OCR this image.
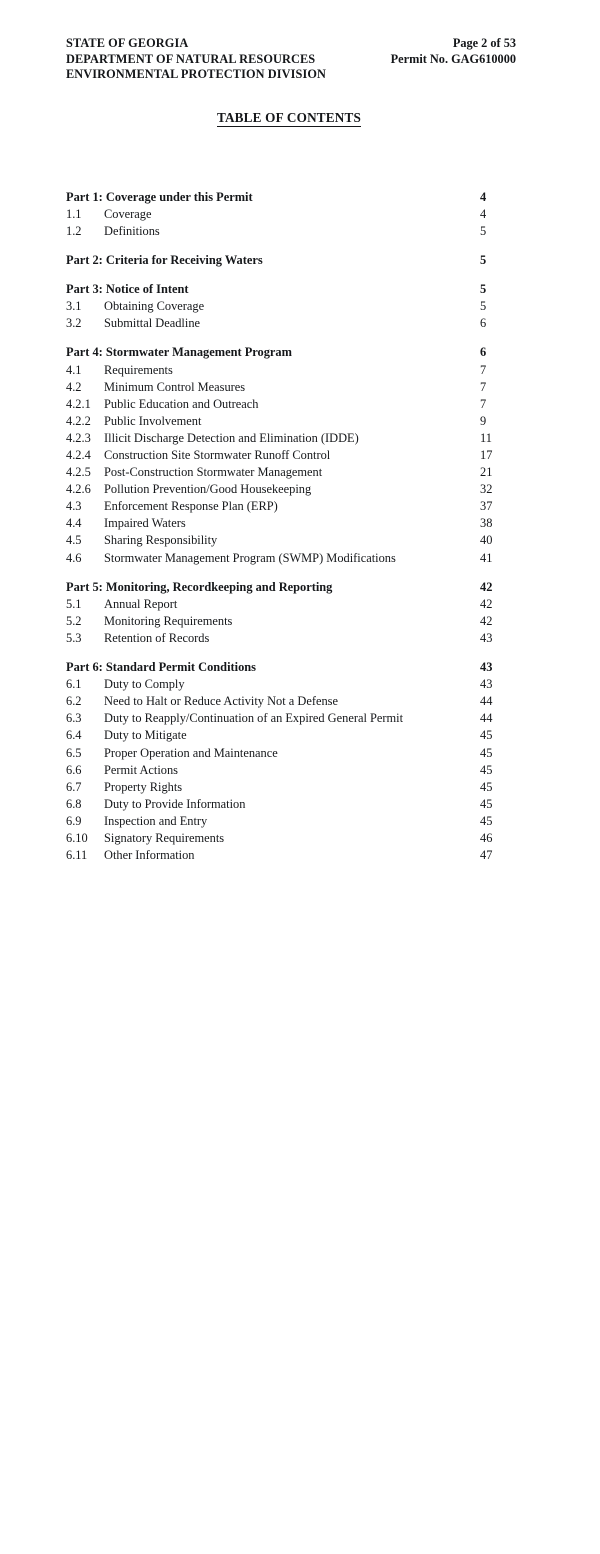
STATE OF GEORGIA
DEPARTMENT OF NATURAL RESOURCES
ENVIRONMENTAL PROTECTION DIVISION
Page 2 of 53
Permit No. GAG610000
TABLE OF CONTENTS
Part 1: Coverage under this Permit	4
1.1	Coverage	4
1.2	Definitions	5
Part 2: Criteria for Receiving Waters	5
Part 3: Notice of Intent	5
3.1	Obtaining Coverage	5
3.2	Submittal Deadline	6
Part 4: Stormwater Management Program	6
4.1	Requirements	7
4.2	Minimum Control Measures	7
4.2.1	Public Education and Outreach	7
4.2.2	Public Involvement	9
4.2.3	Illicit Discharge Detection and Elimination (IDDE)	11
4.2.4	Construction Site Stormwater Runoff Control	17
4.2.5	Post-Construction Stormwater Management	21
4.2.6	Pollution Prevention/Good Housekeeping	32
4.3	Enforcement Response Plan (ERP)	37
4.4	Impaired Waters	38
4.5	Sharing Responsibility	40
4.6	Stormwater Management Program (SWMP) Modifications	41
Part 5: Monitoring, Recordkeeping and Reporting	42
5.1	Annual Report	42
5.2	Monitoring Requirements	42
5.3	Retention of Records	43
Part 6: Standard Permit Conditions	43
6.1	Duty to Comply	43
6.2	Need to Halt or Reduce Activity Not a Defense	44
6.3	Duty to Reapply/Continuation of an Expired General Permit	44
6.4	Duty to Mitigate	45
6.5	Proper Operation and Maintenance	45
6.6	Permit Actions	45
6.7	Property Rights	45
6.8	Duty to Provide Information	45
6.9	Inspection and Entry	45
6.10	Signatory Requirements	46
6.11	Other Information	47
